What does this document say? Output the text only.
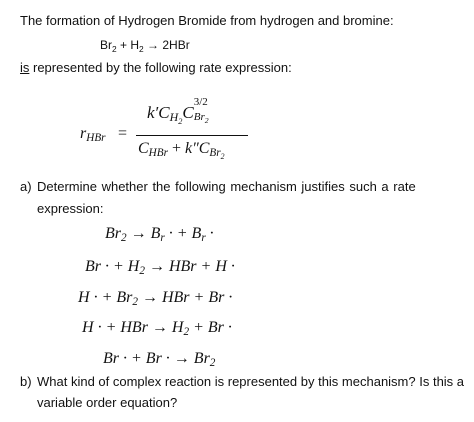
The formation of Hydrogen Bromide from hydrogen and bromine:
$Br_2 + H_2 \to 2HBr$
is represented by the following rate expression:
$r_{HBr}$ =
$k'C_{H_2}C$
3/2
$Br_2$
$C_{HBr} + k''C_{Br_2}$
a) Determine whether the following mechanism justifies such a rate
expression:
$Br_2 \to B_r$ · + $B_r$ ·
Br · + $H_2$ → HBr + H ·
H · + $Br_2$ → HBr + Br ·
H · + HBr → $H_2 + Br$ ·
Br · + Br · → $Br_2$
b) What kind of complex reaction is represented by this mechanism? Is this a
variable order equation?
